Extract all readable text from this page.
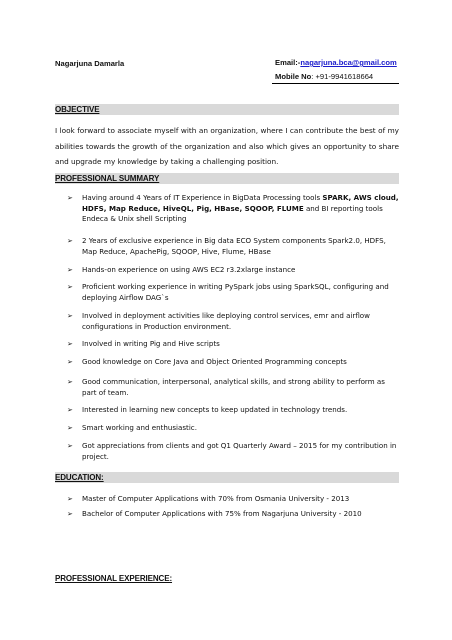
Nagarjuna Damarla	Email:-nagarjuna.bca@gmail.com
Mobile No: +91-9941618664
OBJECTIVE
I look forward to associate myself with an organization, where I can contribute the best of my abilities towards the growth of the organization and also which gives an opportunity to share and upgrade my knowledge by taking a challenging position.
PROFESSIONAL SUMMARY
➢ Having around 4 Years of IT Experience in BigData Processing tools SPARK, AWS cloud, HDFS, Map Reduce, HiveQL, Pig, HBase, SQOOP, FLUME and BI reporting tools Endeca & Unix shell Scripting
➢ 2 Years of exclusive experience in Big data ECO System components Spark2.0, HDFS, Map Reduce, ApachePig, SQOOP, Hive, Flume, HBase
➢ Hands-on experience on using AWS EC2 r3.2xlarge instance
➢ Proficient working experience in writing PySpark jobs using SparkSQL, configuring and deploying Airflow DAG`s
➢ Involved in deployment activities like deploying control services, emr and airflow configurations in Production environment.
➢ Involved in writing Pig and Hive scripts
➢ Good knowledge on Core Java and Object Oriented Programming concepts
➢ Good communication, interpersonal, analytical skills, and strong ability to perform as part of team.
➢ Interested in learning new concepts to keep updated in technology trends.
➢ Smart working and enthusiastic.
➢ Got appreciations from clients and got Q1 Quarterly Award – 2015 for my contribution in project.
EDUCATION:
➢ Master of Computer Applications with 70% from Osmania University - 2013
➢ Bachelor of Computer Applications with 75% from Nagarjuna University - 2010
PROFESSIONAL EXPERIENCE:
